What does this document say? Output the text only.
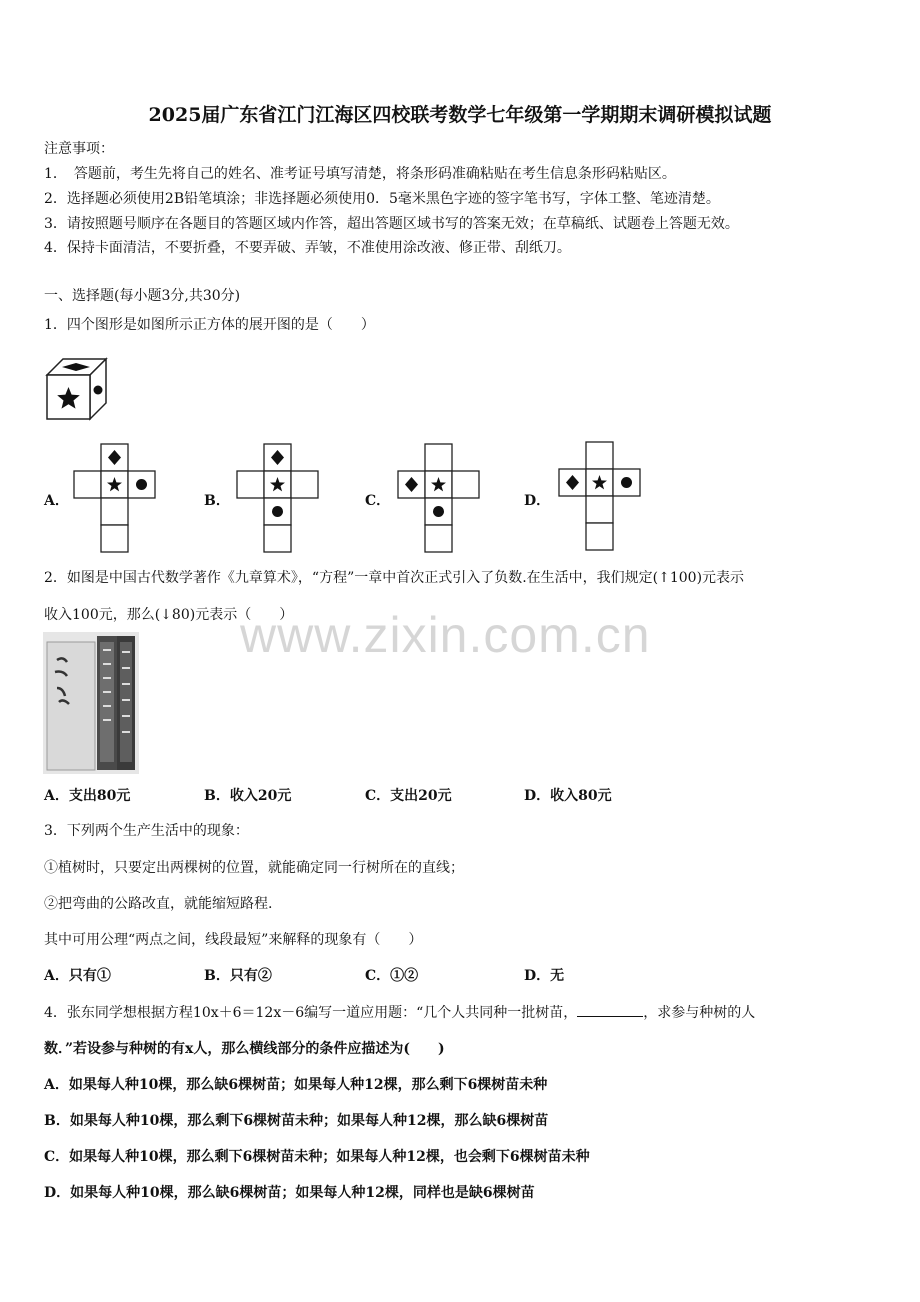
2025届广东省江门江海区四校联考数学七年级第一学期期末调研模拟试题
注意事项：
1．　答题前，考生先将自己的姓名、准考证号填写清楚，将条形码准确粘贴在考生信息条形码粘贴区。
2．选择题必须使用2B铅笔填涂；非选择题必须使用0．5毫米黑色字迹的签字笔书写，字体工整、笔迹清楚。
3．请按照题号顺序在各题目的答题区域内作答，超出答题区域书写的答案无效；在草稿纸、试题卷上答题无效。
4．保持卡面清洁，不要折叠，不要弄破、弄皱，不准使用涂改液、修正带、刮纸刀。
一、选择题(每小题3分,共30分)
1．四个图形是如图所示正方体的展开图的是（　　）
A．	B．	C．	D．
2．如图是中国古代数学著作《九章算术》，“方程”一章中首次正式引入了负数.在生活中，我们规定(↑100)元表示
收入100元，那么(↓80)元表示（　　）
www.zixin.com.cn
A．支出80元	B．收入20元	C．支出20元	D．收入80元
3．下列两个生产生活中的现象：
①植树时，只要定出两棵树的位置，就能确定同一行树所在的直线；
②把弯曲的公路改直，就能缩短路程.
其中可用公理“两点之间，线段最短”来解释的现象有（　　）
A．只有①	B．只有②	C．①②	D．无
4．张东同学想根据方程10x＋6＝12x－6编写一道应用题：“几个人共同种一批树苗，	，求参与种树的人
数．”若设参与种树的有x人，那么横线部分的条件应描述为(　　)
A．如果每人种10棵，那么缺6棵树苗；如果每人种12棵，那么剩下6棵树苗未种
B．如果每人种10棵，那么剩下6棵树苗未种；如果每人种12棵，那么缺6棵树苗
C．如果每人种10棵，那么剩下6棵树苗未种；如果每人种12棵，也会剩下6棵树苗未种
D．如果每人种10棵，那么缺6棵树苗；如果每人种12棵，同样也是缺6棵树苗
